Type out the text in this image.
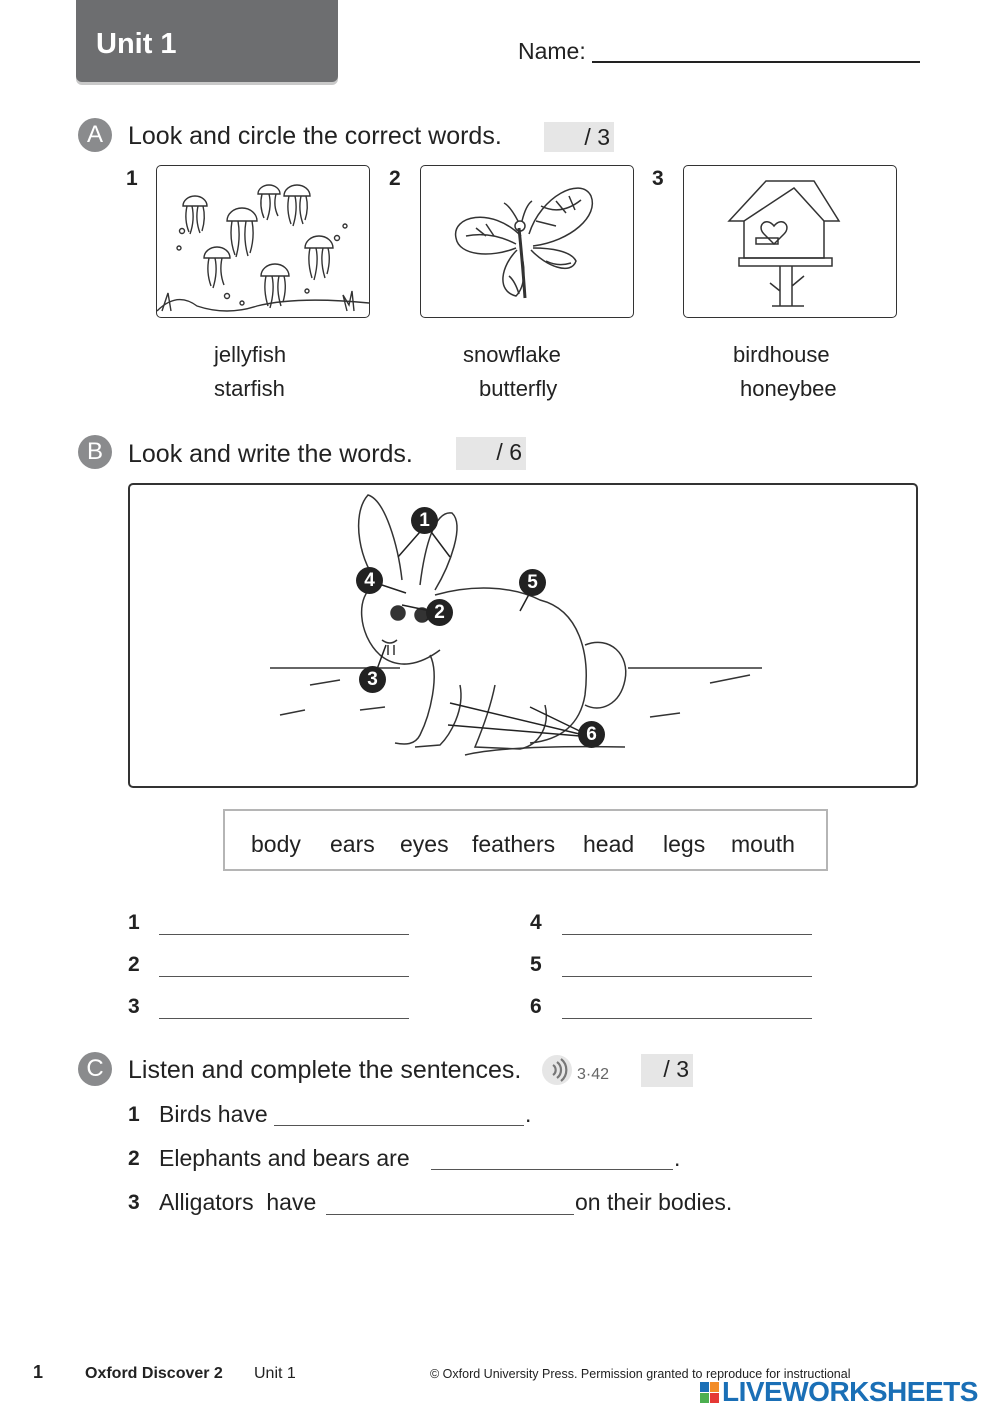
Unit 1	Name:
A	Look and circle the correct words.	/ 3
1
jellyfish
starfish
2
snowflake
butterfly
3
birdhouse
honeybee
B	Look and write the words.	/ 6
1
2
3
4	5
6
body ears eyes feathers head legs mouth
1
2
3
4
5
6
C Listen and complete the sentences.	3·42	/ 3
1 Birds have	.
2 Elephants and bears are	.
3 Alligators  have	on their bodies.
1	Oxford Discover 2 Unit 1	© Oxford University Press. Permission granted to reproduce for instructional
LIVEWORKSHEETS
